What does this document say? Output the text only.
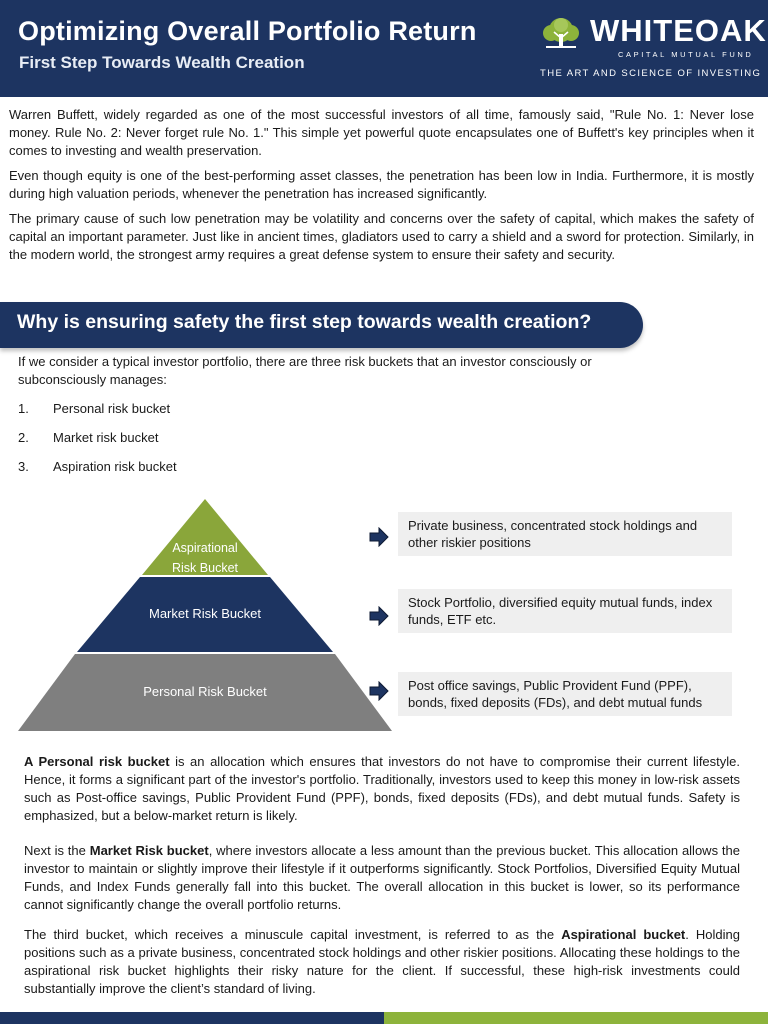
Optimizing Overall Portfolio Return
First Step Towards Wealth Creation
WHITEOAK
CAPITAL MUTUAL FUND
THE ART AND SCIENCE OF INVESTING

Warren Buffett, widely regarded as one of the most successful investors of all time, famously said, "Rule No. 1: Never lose money. Rule No. 2: Never forget rule No. 1." This simple yet powerful quote encapsulates one of Buffett's key principles when it comes to investing and wealth preservation.

Even though equity is one of the best-performing asset classes, the penetration has been low in India. Furthermore, it is mostly during high valuation periods, whenever the penetration has increased significantly.

The primary cause of such low penetration may be volatility and concerns over the safety of capital, which makes the safety of capital an important parameter. Just like in ancient times, gladiators used to carry a shield and a sword for protection. Similarly, in the modern world, the strongest army requires a great defense system to ensure their safety and security.

Why is ensuring safety the first step towards wealth creation?
If we consider a typical investor portfolio, there are three risk buckets that an investor consciously or subconsciously manages:
1.	Personal risk bucket
2.	Market risk bucket
3.	Aspiration risk bucket
Aspirational
Risk Bucket
Market Risk Bucket
Personal Risk Bucket
Private business, concentrated stock holdings and other riskier positions
Stock Portfolio, diversified equity mutual funds, index funds, ETF etc.
Post office savings, Public Provident Fund (PPF), bonds, fixed deposits (FDs), and debt mutual funds

A Personal risk bucket is an allocation which ensures that investors do not have to compromise their current lifestyle. Hence, it forms a significant part of the investor's portfolio. Traditionally, investors used to keep this money in low-risk assets such as Post-office savings, Public Provident Fund (PPF), bonds, fixed deposits (FDs), and debt mutual funds. Safety is emphasized, but a below-market return is likely.

Next is the Market Risk bucket, where investors allocate a less amount than the previous bucket. This allocation allows the investor to maintain or slightly improve their lifestyle if it outperforms significantly. Stock Portfolios, Diversified Equity Mutual Funds, and Index Funds generally fall into this bucket. The overall allocation in this bucket is lower, so its performance cannot significantly change the overall portfolio returns.

The third bucket, which receives a minuscule capital investment, is referred to as the Aspirational bucket. Holding positions such as a private business, concentrated stock holdings and other riskier positions. Allocating these holdings to the aspirational risk bucket highlights their risky nature for the client. If successful, these high-risk investments could substantially improve the client’s standard of living.
